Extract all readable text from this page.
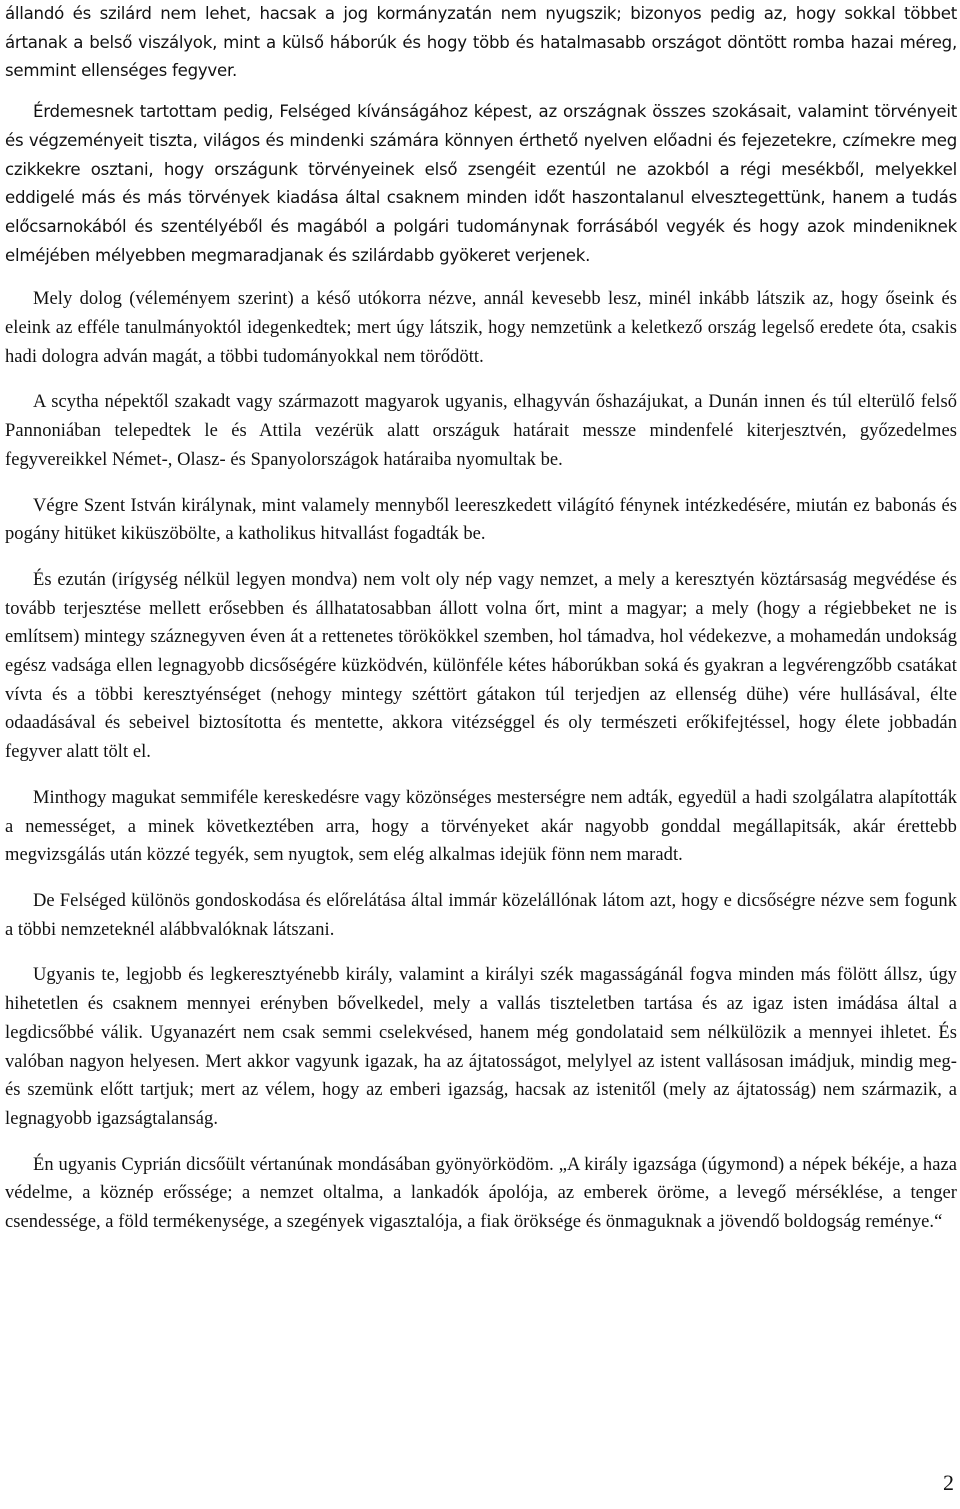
állandó és szilárd nem lehet, hacsak a jog kormányzatán nem nyugszik; bizonyos pedig az, hogy sokkal többet ártanak a belső viszályok, mint a külső háborúk és hogy több és hatalmasabb országot döntött romba hazai méreg, semmint ellenséges fegyver.

Érdemesnek tartottam pedig, Felséged kívánságához képest, az országnak összes szokásait, valamint törvényeit és végzeményeit tiszta, világos és mindenki számára könnyen érthető nyelven előadni és fejezetekre, czímekre meg czikkekre osztani, hogy országunk törvényeinek első zsengéit ezentúl ne azokból a régi mesékből, melyekkel eddigelé más és más törvények kiadása által csaknem minden időt haszontalanul elvesztegettünk, hanem a tudás előcsarnokából és szentélyéből és magából a polgári tudománynak forrásából vegyék és hogy azok mindeniknek elméjében mélyebben megmaradjanak és szilárdabb gyökeret verjenek.

Mely dolog (véleményem szerint) a késő utókorra nézve, annál kevesebb lesz, minél inkább látszik az, hogy őseink és eleink az efféle tanulmányoktól idegenkedtek; mert úgy látszik, hogy nemzetünk a keletkező ország legelső eredete óta, csakis hadi dologra adván magát, a többi tudományokkal nem törődött.

A scytha népektől szakadt vagy származott magyarok ugyanis, elhagyván őshazájukat, a Dunán innen és túl elterülő felső Pannoniában telepedtek le és Attila vezérük alatt országuk határait messze mindenfelé kiterjesztvén, győzedelmes fegyvereikkel Német-, Olasz- és Spanyolországok határaiba nyomultak be.

Végre Szent István királynak, mint valamely mennyből leereszkedett világító fénynek intézkedésére, miután ez babonás és pogány hitüket kiküszöbölte, a katholikus hitvallást fogadták be.

És ezután (irígység nélkül legyen mondva) nem volt oly nép vagy nemzet, a mely a keresztyén köztársaság megvédése és tovább terjesztése mellett erősebben és állhatatosabban állott volna őrt, mint a magyar; a mely (hogy a régiebbeket ne is említsem) mintegy száznegyven éven át a rettenetes törökökkel szemben, hol támadva, hol védekezve, a mohamedán undokság egész vadsága ellen legnagyobb dicsőségére küzködvén, különféle kétes háborúkban soká és gyakran a legvérengzőbb csatákat vívta és a többi keresztyénséget (nehogy mintegy széttört gátakon túl terjedjen az ellenség dühe) vére hullásával, élte odaadásával és sebeivel biztosította és mentette, akkora vitézséggel és oly természeti erőkifejtéssel, hogy élete jobbadán fegyver alatt tölt el.

Minthogy magukat semmiféle kereskedésre vagy közönséges mesterségre nem adták, egyedül a hadi szolgálatra alapították a nemességet, a minek következtében arra, hogy a törvényeket akár nagyobb gonddal megállapitsák, akár érettebb megvizsgálás után közzé tegyék, sem nyugtok, sem elég alkalmas idejük fönn nem maradt.

De Felséged különös gondoskodása és előrelátása által immár közelállónak látom azt, hogy e dicsőségre nézve sem fogunk a többi nemzeteknél alábbvalóknak látszani.

Ugyanis te, legjobb és legkeresztyénebb király, valamint a királyi szék magasságánál fogva minden más fölött állsz, úgy hihetetlen és csaknem mennyei erényben bővelkedel, mely a vallás tiszteletben tartása és az igaz isten imádása által a legdicsőbbé válik. Ugyanazért nem csak semmi cselekvésed, hanem még gondolataid sem nélkülözik a mennyei ihletet. És valóban nagyon helyesen. Mert akkor vagyunk igazak, ha az ájtatosságot, melylyel az istent vallásosan imádjuk, mindig meg- és szemünk előtt tartjuk; mert az vélem, hogy az emberi igazság, hacsak az istenitől (mely az ájtatosság) nem származik, a legnagyobb igazságtalanság.

Én ugyanis Cyprián dicsőült vértanúnak mondásában gyönyörködöm. „A király igazsága (úgymond) a népek békéje, a haza védelme, a köznép erőssége; a nemzet oltalma, a lankadók ápolója, az emberek öröme, a levegő mérséklése, a tenger csendessége, a föld termékenysége, a szegények vigasztalója, a fiak öröksége és önmaguknak a jövendő boldogság reménye.“

2
